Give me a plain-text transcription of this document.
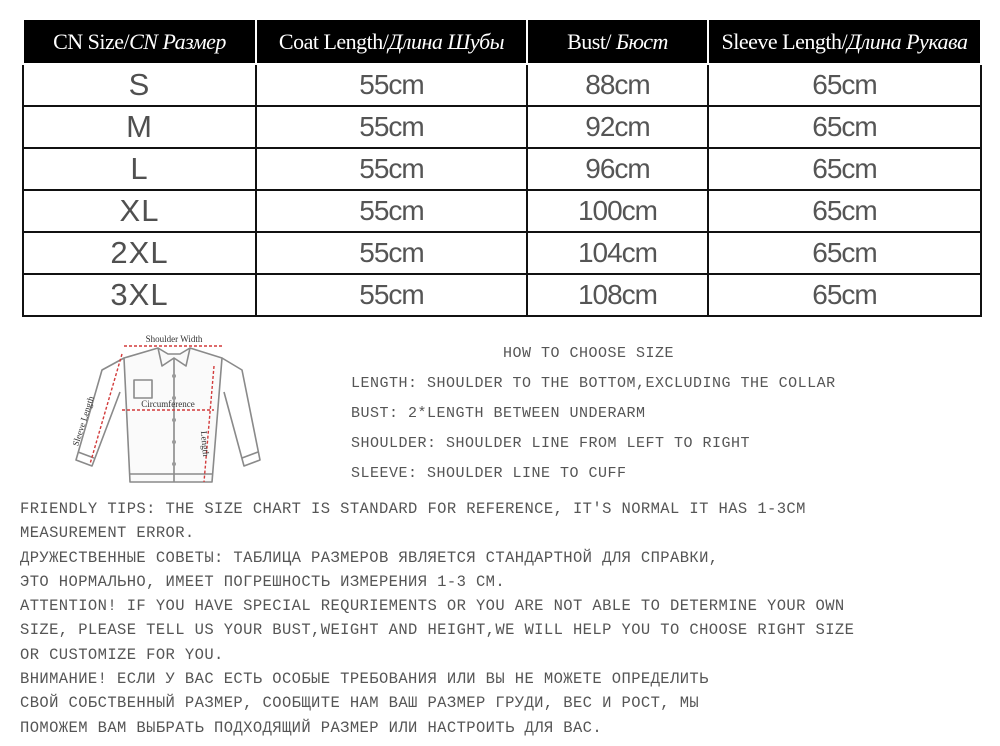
CN Size/CN Размер	Coat Length/Длина Шубы	Bust/ Бюст	Sleeve Length/Длина Рукава
S	55cm	88cm	65cm
M	55cm	92cm	65cm
L	55cm	96cm	65cm
XL	55cm	100cm	65cm
2XL	55cm	104cm	65cm
3XL	55cm	108cm	65cm
Shoulder Width
Circumference
Length
Sleeve Length
HOW TO CHOOSE SIZE
LENGTH: SHOULDER TO THE BOTTOM,EXCLUDING THE COLLAR
BUST: 2*LENGTH BETWEEN UNDERARM
SHOULDER: SHOULDER LINE FROM LEFT TO RIGHT
SLEEVE: SHOULDER LINE TO CUFF

FRIENDLY TIPS: THE SIZE CHART IS STANDARD FOR REFERENCE, IT'S NORMAL IT HAS 1-3CM
MEASUREMENT ERROR.

ДРУЖЕСТВЕННЫЕ СОВЕТЫ: ТАБЛИЦА РАЗМЕРОВ ЯВЛЯЕТСЯ СТАНДАРТНОЙ ДЛЯ СПРАВКИ,
ЭТО НОРМАЛЬНО, ИМЕЕТ ПОГРЕШНОСТЬ ИЗМЕРЕНИЯ 1-3 СМ.

ATTENTION! IF YOU HAVE SPECIAL REQURIEMENTS OR YOU ARE NOT ABLE TO DETERMINE YOUR OWN
SIZE, PLEASE TELL US YOUR BUST,WEIGHT AND HEIGHT,WE WILL HELP YOU TO CHOOSE RIGHT SIZE
OR CUSTOMIZE FOR YOU.

ВНИМАНИЕ! ЕСЛИ У ВАС ЕСТЬ ОСОБЫЕ ТРЕБОВАНИЯ ИЛИ ВЫ НЕ МОЖЕТЕ ОПРЕДЕЛИТЬ
СВОЙ СОБСТВЕННЫЙ РАЗМЕР, СООБЩИТЕ НАМ ВАШ РАЗМЕР ГРУДИ, ВЕС И РОСТ, МЫ
ПОМОЖЕМ ВАМ ВЫБРАТЬ ПОДХОДЯЩИЙ РАЗМЕР ИЛИ НАСТРОИТЬ ДЛЯ ВАС.
